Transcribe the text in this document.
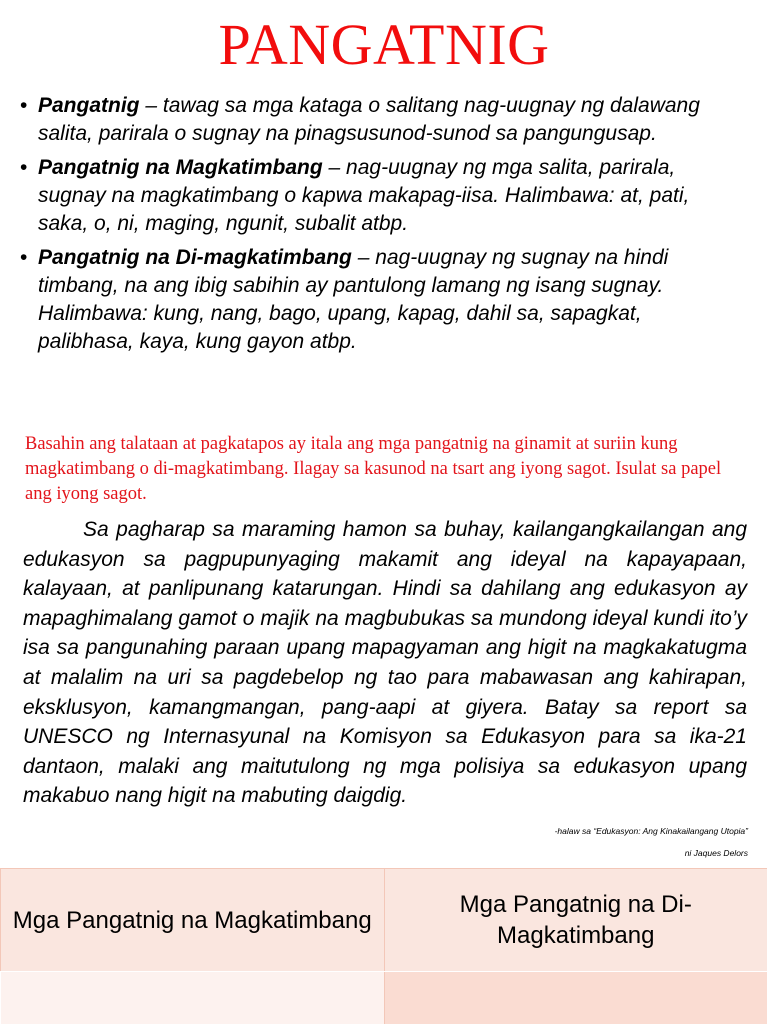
PANGATNIG
• Pangatnig – tawag sa mga kataga o salitang nag-uugnay ng dalawang salita, parirala o sugnay na pinagsusunod-sunod sa pangungusap.
• Pangatnig na Magkatimbang – nag-uugnay ng mga salita, parirala, sugnay na magkatimbang o kapwa makapag-iisa. Halimbawa: at, pati, saka, o, ni, maging, ngunit, subalit atbp.
• Pangatnig na Di-magkatimbang – nag-uugnay ng sugnay na hindi timbang, na ang ibig sabihin ay pantulong lamang ng isang sugnay. Halimbawa: kung, nang, bago, upang, kapag, dahil sa, sapagkat, palibhasa, kaya, kung gayon atbp.
Basahin ang talataan at pagkatapos ay itala ang mga pangatnig na ginamit at suriin kung magkatimbang o di-magkatimbang. Ilagay sa kasunod na tsart ang iyong sagot. Isulat sa papel ang iyong sagot.

Sa pagharap sa maraming hamon sa buhay, kailangangkailangan ang edukasyon sa pagpupunyaging makamit ang ideyal na kapayapaan, kalayaan, at panlipunang katarungan. Hindi sa dahilang ang edukasyon ay mapaghimalang gamot o majik na magbubukas sa mundong ideyal kundi ito’y isa sa pangunahing paraan upang mapagyaman ang higit na magkakatugma at malalim na uri sa pagdebelop ng tao para mabawasan ang kahirapan, eksklusyon, kamangmangan, pang-aapi at giyera. Batay sa report sa UNESCO ng Internasyunal na Komisyon sa Edukasyon para sa ika-21 dantaon, malaki ang maitutulong ng mga polisiya sa edukasyon upang makabuo nang higit na mabuting daigdig.

-halaw sa “Edukasyon: Ang Kinakailangang Utopia”
ni Jaques Delors
Mga Pangatnig na Magkatimbang	Mga Pangatnig na Di-Magkatimbang
